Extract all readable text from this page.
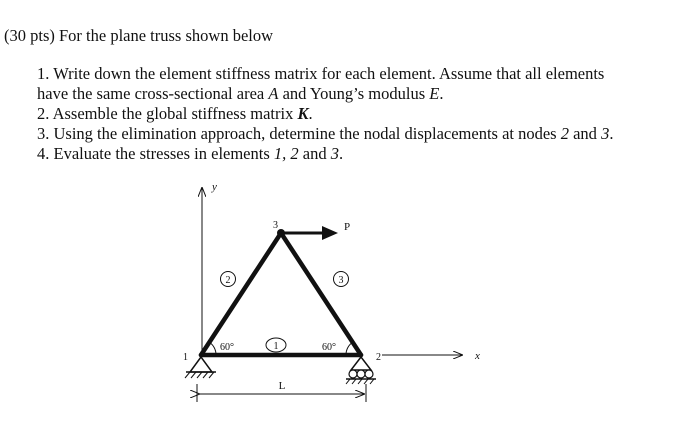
(30 pts) For the plane truss shown below
1. Write down the element stiffness matrix for each element. Assume that all elements
have the same cross-sectional area A and Young’s modulus E.
2. Assemble the global stiffness matrix K.
3. Using the elimination approach, determine the nodal displacements at nodes 2 and 3.
4. Evaluate the stresses in elements 1, 2 and 3.
y
x
P
3
2	3
1
60°	60°
1	2
L
